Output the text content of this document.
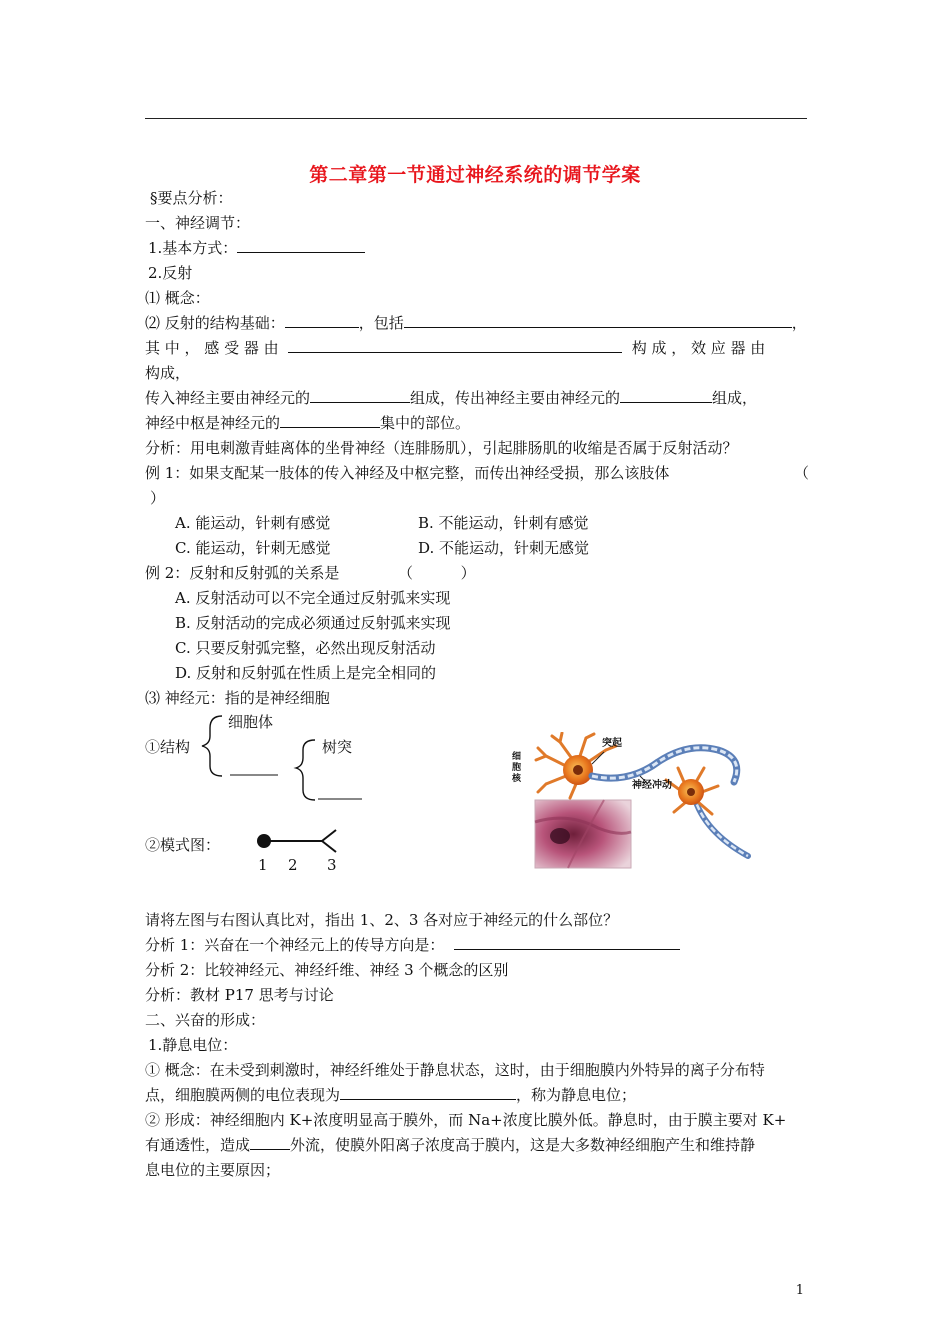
第二章第一节通过神经系统的调节学案
§要点分析：
一、神经调节：
1.基本方式：
2.反射
⑴ 概念：
⑵ 反射的结构基础：	，包括	，
其 中 ， 感 受 器 由	构 成 ， 效 应 器 由
构成，
传入神经主要由神经元的	组成，传出神经主要由神经元的	组成，
神经中枢是神经元的	集中的部位。
分析：用电刺激青蛙离体的坐骨神经（连腓肠肌），引起腓肠肌的收缩是否属于反射活动？
例 1：如果支配某一肢体的传入神经及中枢完整，而传出神经受损，那么该肢体	（
）
A. 能运动，针刺有感觉	B. 不能运动，针刺有感觉
C. 能运动，针刺无感觉	D. 不能运动，针刺无感觉
例 2：反射和反射弧的关系是	（          ）
A. 反射活动可以不完全通过反射弧来实现
B. 反射活动的完成必须通过反射弧来实现
C. 只要反射弧完整，必然出现反射活动
D. 反射和反射弧在性质上是完全相同的
⑶ 神经元：指的是神经细胞
①结构
细胞体
树突
②模式图：
1 2 3
细
胞
核
突起
神经冲动
请将左图与右图认真比对，指出 1、2、3 各对应于神经元的什么部位？
分析 1：兴奋在一个神经元上的传导方向是：
分析 2：比较神经元、神经纤维、神经 3 个概念的区别
分析：教材 P17 思考与讨论
二、兴奋的形成：
1.静息电位：
① 概念：在未受到刺激时，神经纤维处于静息状态，这时，由于细胞膜内外特异的离子分布特
点，细胞膜两侧的电位表现为	，称为静息电位；
② 形成：神经细胞内 K+浓度明显高于膜外，而 Na+浓度比膜外低。静息时，由于膜主要对 K+
有通透性，造成	外流，使膜外阳离子浓度高于膜内，这是大多数神经细胞产生和维持静
息电位的主要原因；
1
